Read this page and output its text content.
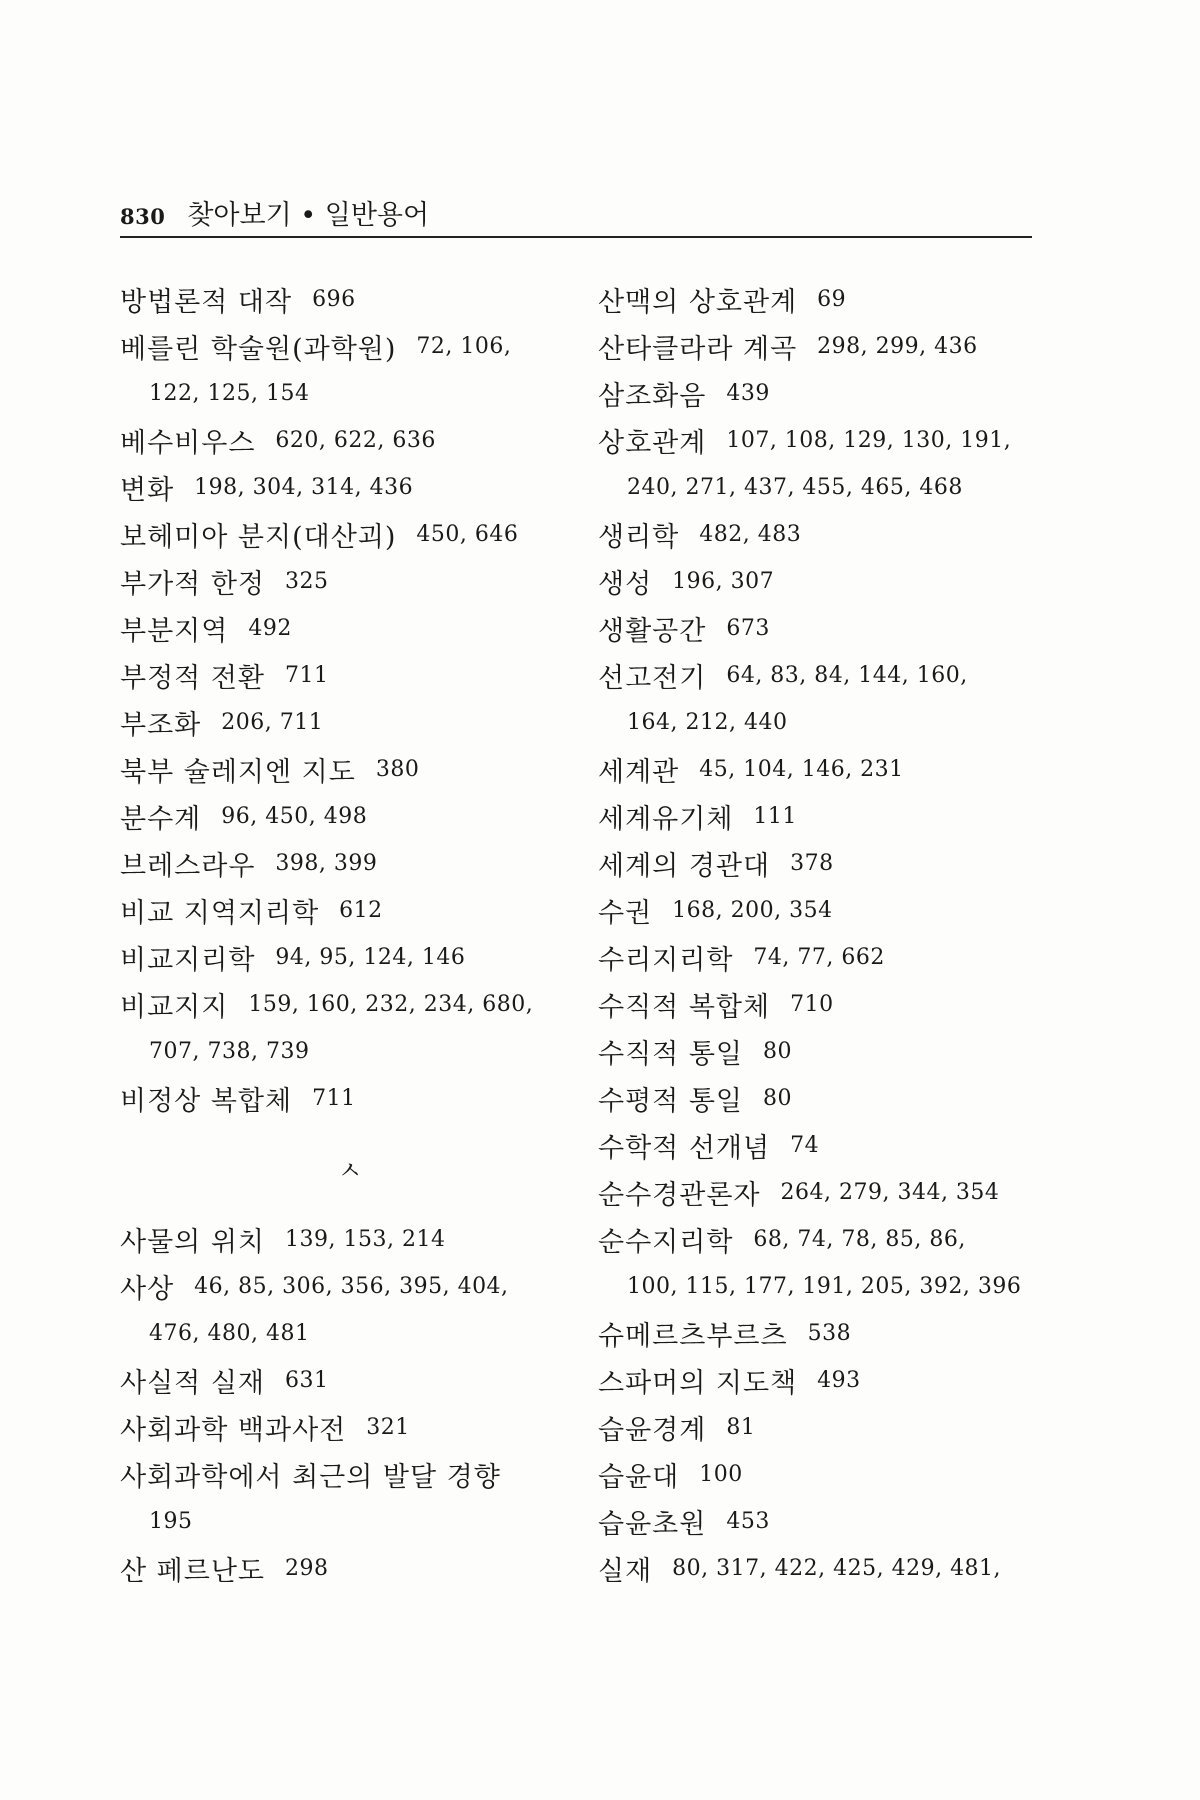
830 찾아보기 • 일반용어
방법론적 대작 696
베를린 학술원(과학원) 72, 106,
122, 125, 154
베수비우스 620, 622, 636
변화 198, 304, 314, 436
보헤미아 분지(대산괴) 450, 646
부가적 한정 325
부분지역 492
부정적 전환 711
부조화 206, 711
북부 슐레지엔 지도 380
분수계 96, 450, 498
브레스라우 398, 399
비교 지역지리학 612
비교지리학 94, 95, 124, 146
비교지지 159, 160, 232, 234, 680,
707, 738, 739
비정상 복합체 711
ㅅ
사물의 위치 139, 153, 214
사상 46, 85, 306, 356, 395, 404,
476, 480, 481
사실적 실재 631
사회과학 백과사전 321
사회과학에서 최근의 발달 경향
195
산 페르난도 298
산맥의 상호관계 69
산타클라라 계곡 298, 299, 436
삼조화음 439
상호관계 107, 108, 129, 130, 191,
240, 271, 437, 455, 465, 468
생리학 482, 483
생성 196, 307
생활공간 673
선고전기 64, 83, 84, 144, 160,
164, 212, 440
세계관 45, 104, 146, 231
세계유기체 111
세계의 경관대 378
수권 168, 200, 354
수리지리학 74, 77, 662
수직적 복합체 710
수직적 통일 80
수평적 통일 80
수학적 선개념 74
순수경관론자 264, 279, 344, 354
순수지리학 68, 74, 78, 85, 86,
100, 115, 177, 191, 205, 392, 396
슈메르츠부르츠 538
스파머의 지도책 493
습윤경계 81
습윤대 100
습윤초원 453
실재 80, 317, 422, 425, 429, 481,
